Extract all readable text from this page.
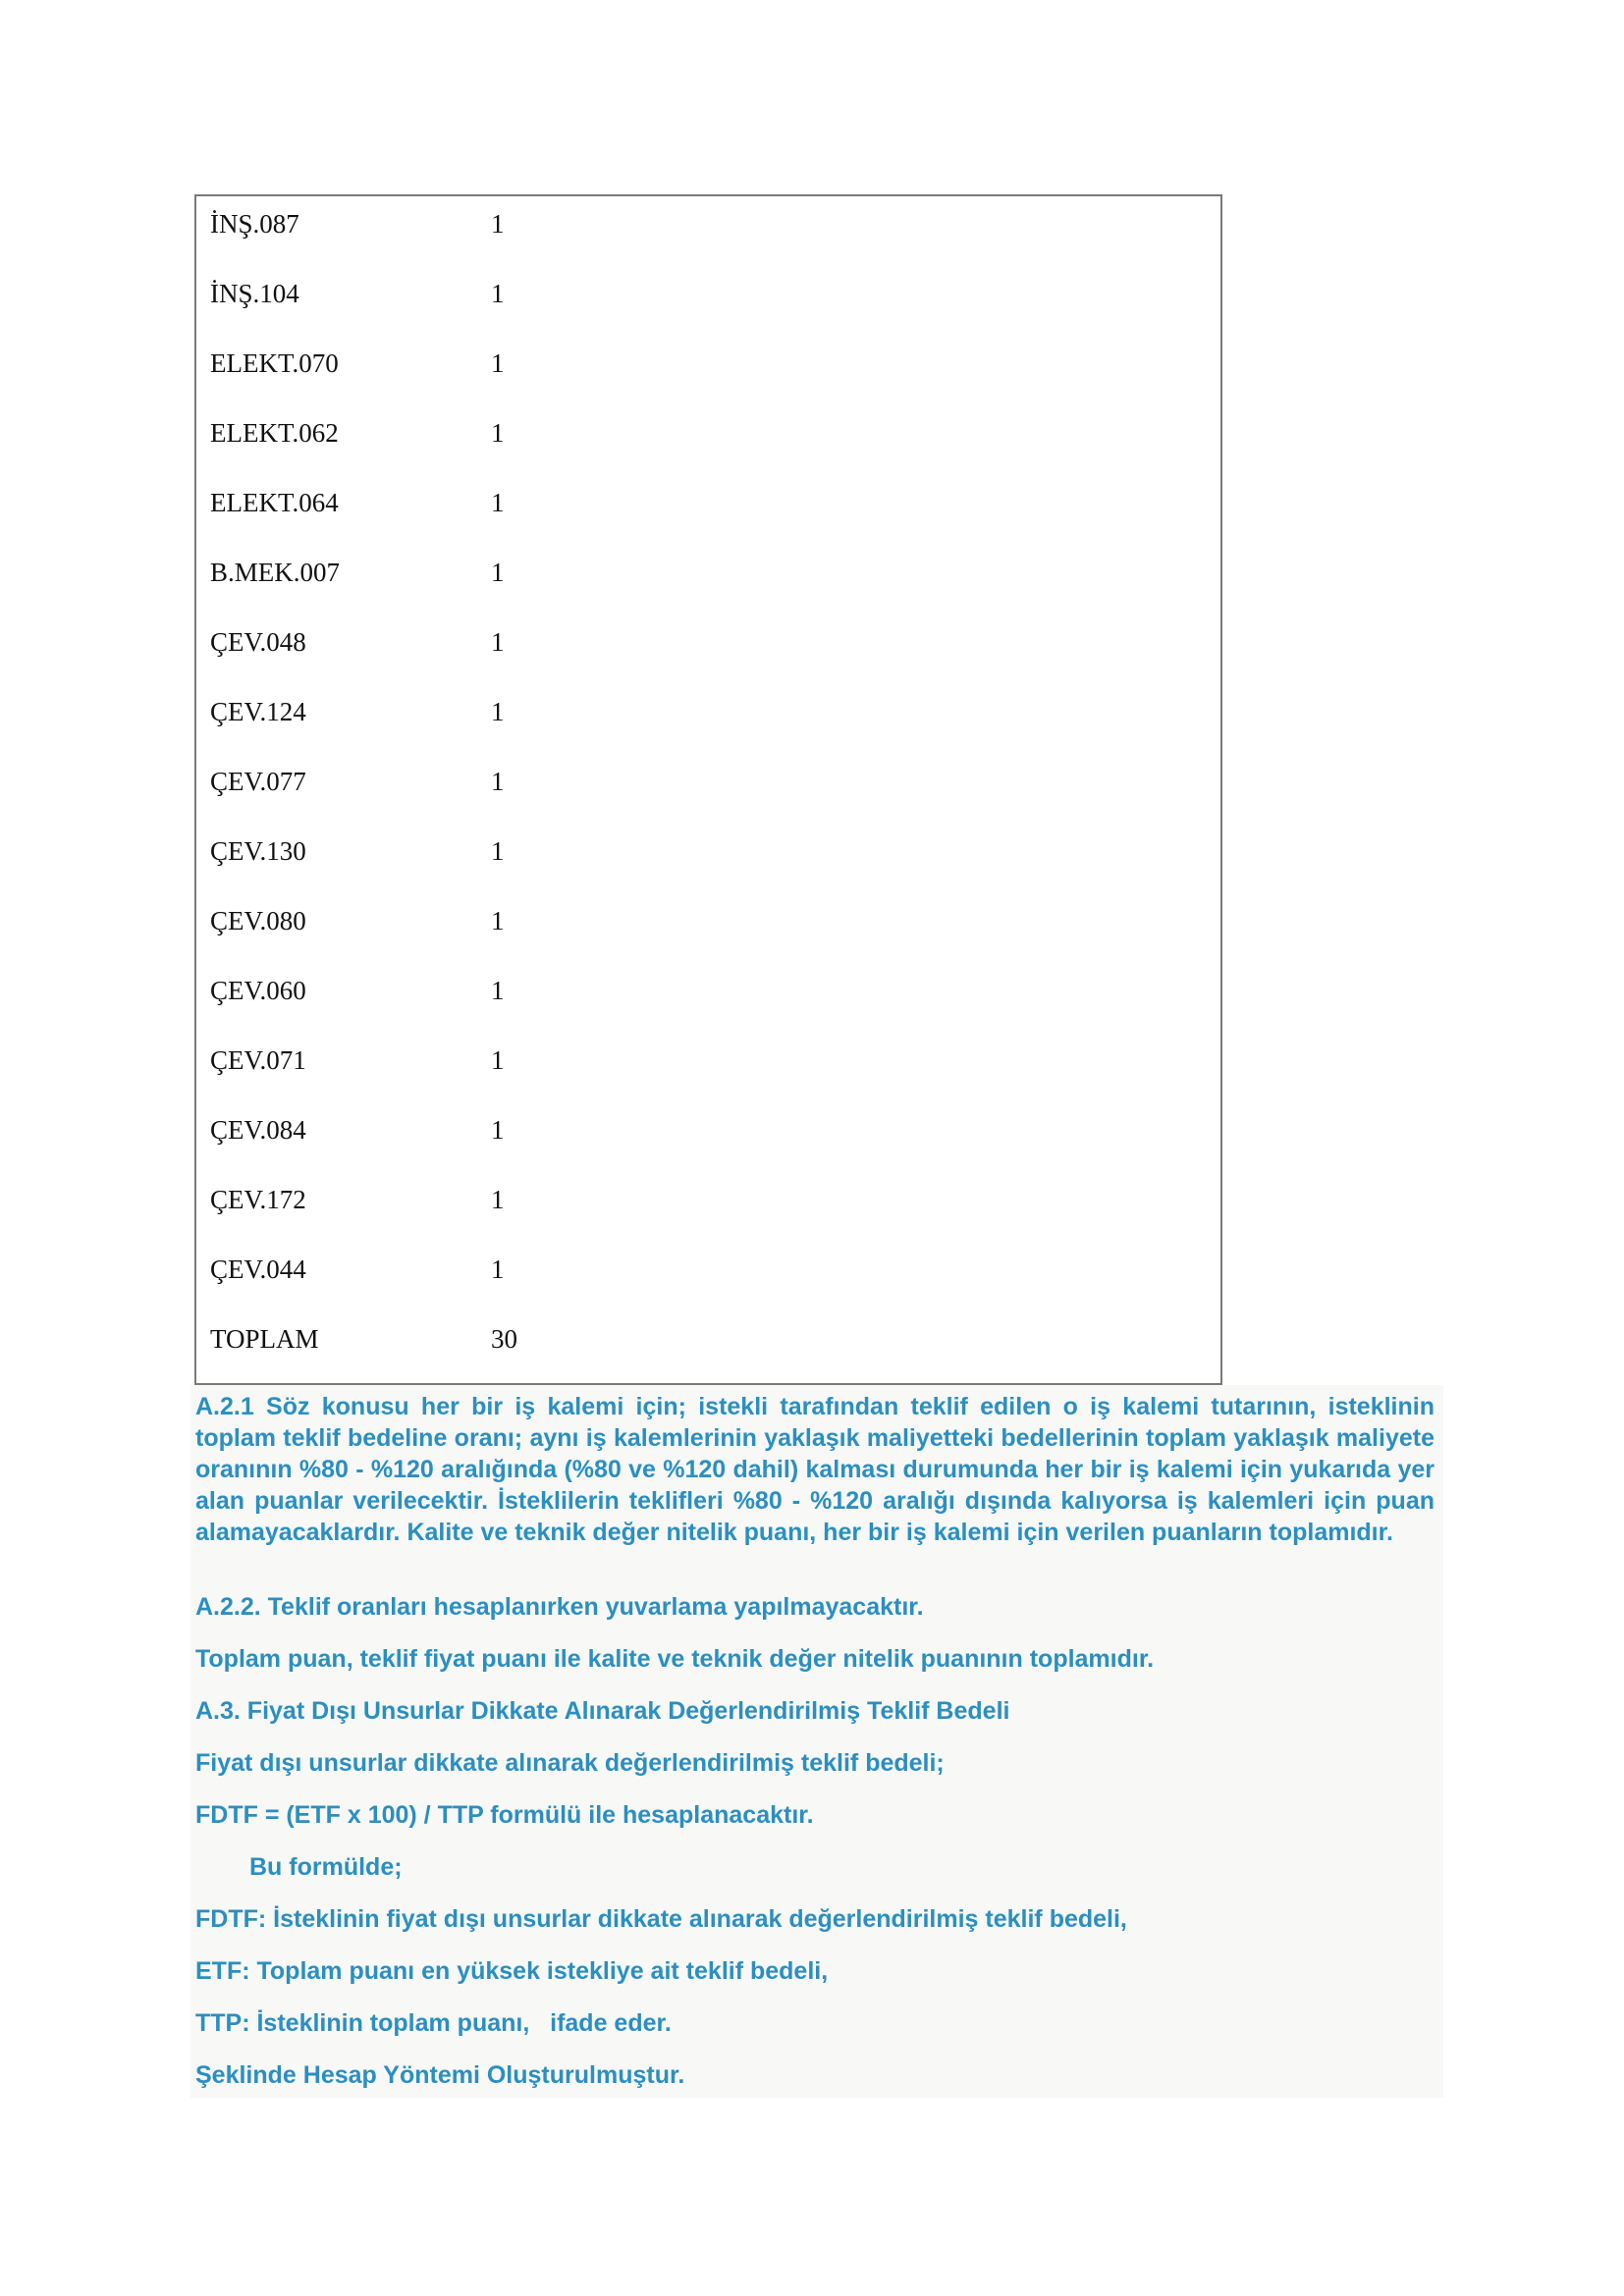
İNŞ.087	1
İNŞ.104	1
ELEKT.070	1
ELEKT.062	1
ELEKT.064	1
B.MEK.007	1
ÇEV.048	1
ÇEV.124	1
ÇEV.077	1
ÇEV.130	1
ÇEV.080	1
ÇEV.060	1
ÇEV.071	1
ÇEV.084	1
ÇEV.172	1
ÇEV.044	1
TOPLAM	30

A.2.1 Söz konusu her bir iş kalemi için; istekli tarafından teklif edilen o iş kalemi tutarının, isteklinin toplam teklif bedeline oranı; aynı iş kalemlerinin yaklaşık maliyetteki bedellerinin toplam yaklaşık maliyete oranının %80 - %120 aralığında (%80 ve %120 dahil) kalması durumunda her bir iş kalemi için yukarıda yer alan puanlar verilecektir. İsteklilerin teklifleri %80 - %120 aralığı dışında kalıyorsa iş kalemleri için puan alamayacaklardır. Kalite ve teknik değer nitelik puanı, her bir iş kalemi için verilen puanların toplamıdır.

A.2.2. Teklif oranları hesaplanırken yuvarlama yapılmayacaktır.

Toplam puan, teklif fiyat puanı ile kalite ve teknik değer nitelik puanının toplamıdır.

A.3. Fiyat Dışı Unsurlar Dikkate Alınarak Değerlendirilmiş Teklif Bedeli

Fiyat dışı unsurlar dikkate alınarak değerlendirilmiş teklif bedeli;

FDTF = (ETF x 100) / TTP formülü ile hesaplanacaktır.

Bu formülde;

FDTF: İsteklinin fiyat dışı unsurlar dikkate alınarak değerlendirilmiş teklif bedeli,

ETF: Toplam puanı en yüksek istekliye ait teklif bedeli,

TTP: İsteklinin toplam puanı,   ifade eder.

Şeklinde Hesap Yöntemi Oluşturulmuştur.
